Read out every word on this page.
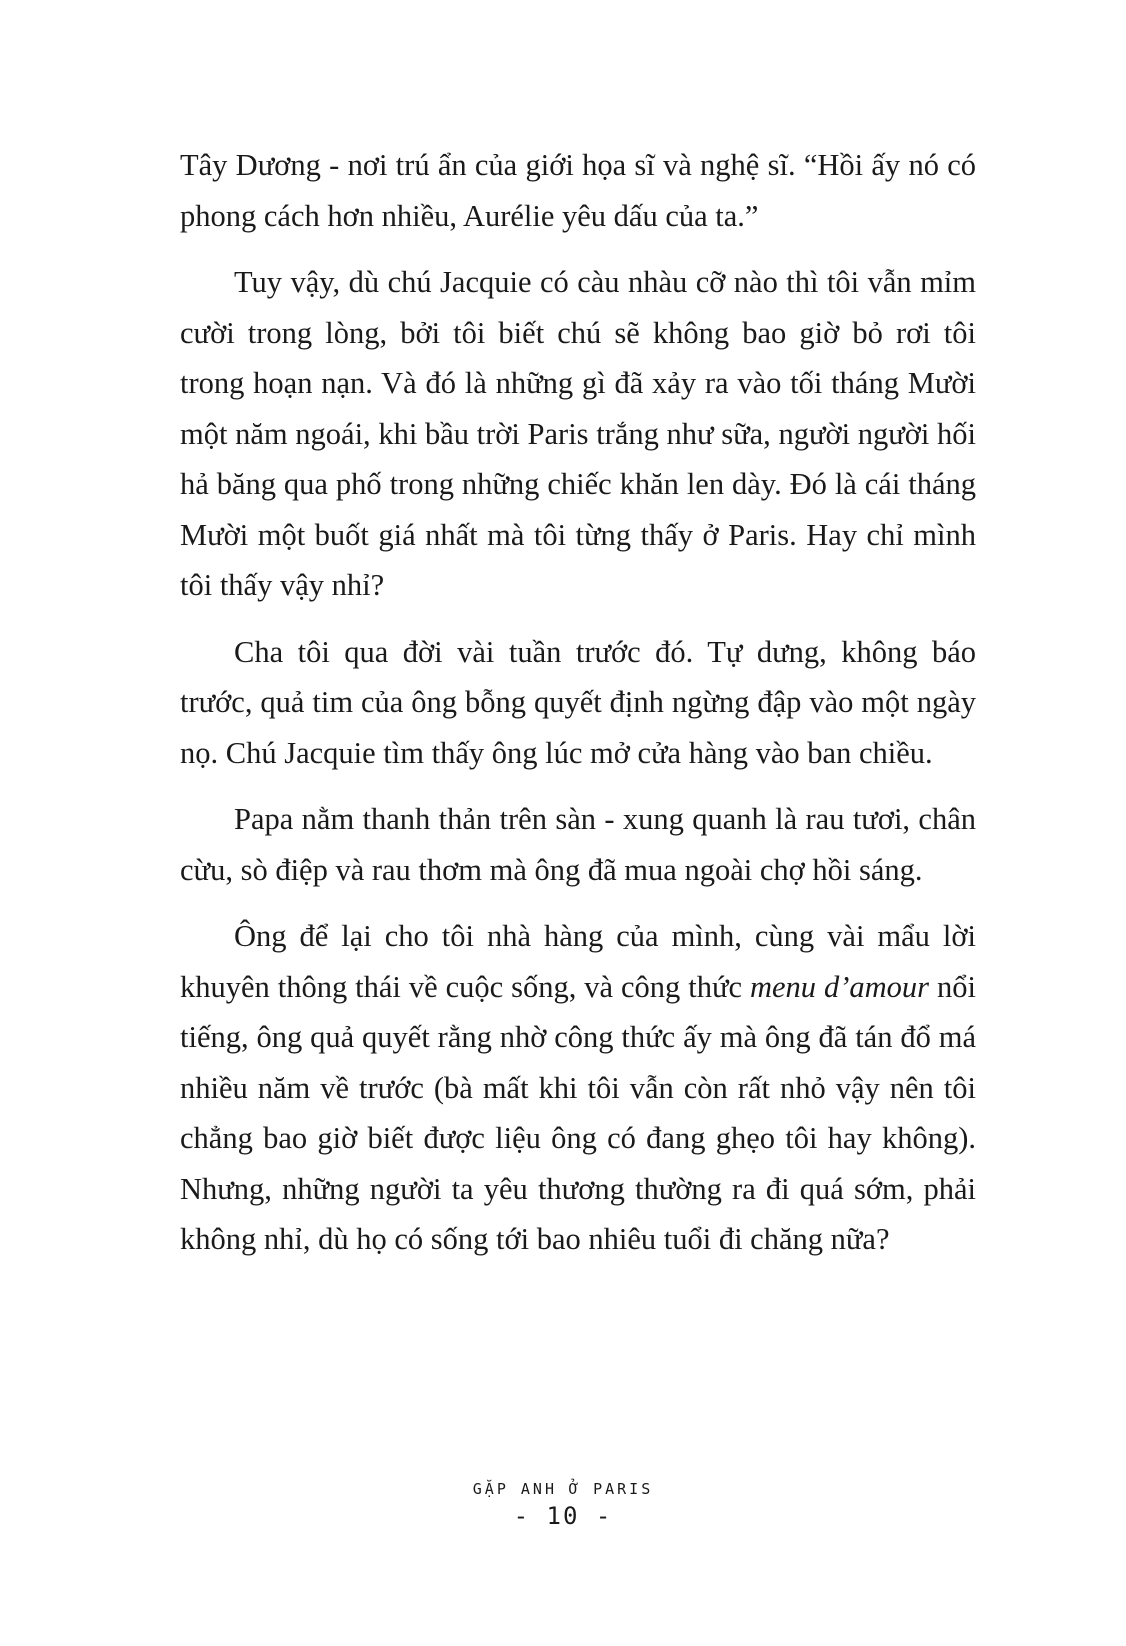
Tây Dương - nơi trú ẩn của giới họa sĩ và nghệ sĩ. “Hồi ấy nó có phong cách hơn nhiều, Aurélie yêu dấu của ta.”

Tuy vậy, dù chú Jacquie có càu nhàu cỡ nào thì tôi vẫn mỉm cười trong lòng, bởi tôi biết chú sẽ không bao giờ bỏ rơi tôi trong hoạn nạn. Và đó là những gì đã xảy ra vào tối tháng Mười một năm ngoái, khi bầu trời Paris trắng như sữa, người người hối hả băng qua phố trong những chiếc khăn len dày. Đó là cái tháng Mười một buốt giá nhất mà tôi từng thấy ở Paris. Hay chỉ mình tôi thấy vậy nhỉ?

Cha tôi qua đời vài tuần trước đó. Tự dưng, không báo trước, quả tim của ông bỗng quyết định ngừng đập vào một ngày nọ. Chú Jacquie tìm thấy ông lúc mở cửa hàng vào ban chiều.

Papa nằm thanh thản trên sàn - xung quanh là rau tươi, chân cừu, sò điệp và rau thơm mà ông đã mua ngoài chợ hồi sáng.

Ông để lại cho tôi nhà hàng của mình, cùng vài mẩu lời khuyên thông thái về cuộc sống, và công thức menu d’amour nổi tiếng, ông quả quyết rằng nhờ công thức ấy mà ông đã tán đổ má nhiều năm về trước (bà mất khi tôi vẫn còn rất nhỏ vậy nên tôi chẳng bao giờ biết được liệu ông có đang ghẹo tôi hay không). Nhưng, những người ta yêu thương thường ra đi quá sớm, phải không nhỉ, dù họ có sống tới bao nhiêu tuổi đi chăng nữa?

GẶP ANH Ở PARIS
- 10 -
